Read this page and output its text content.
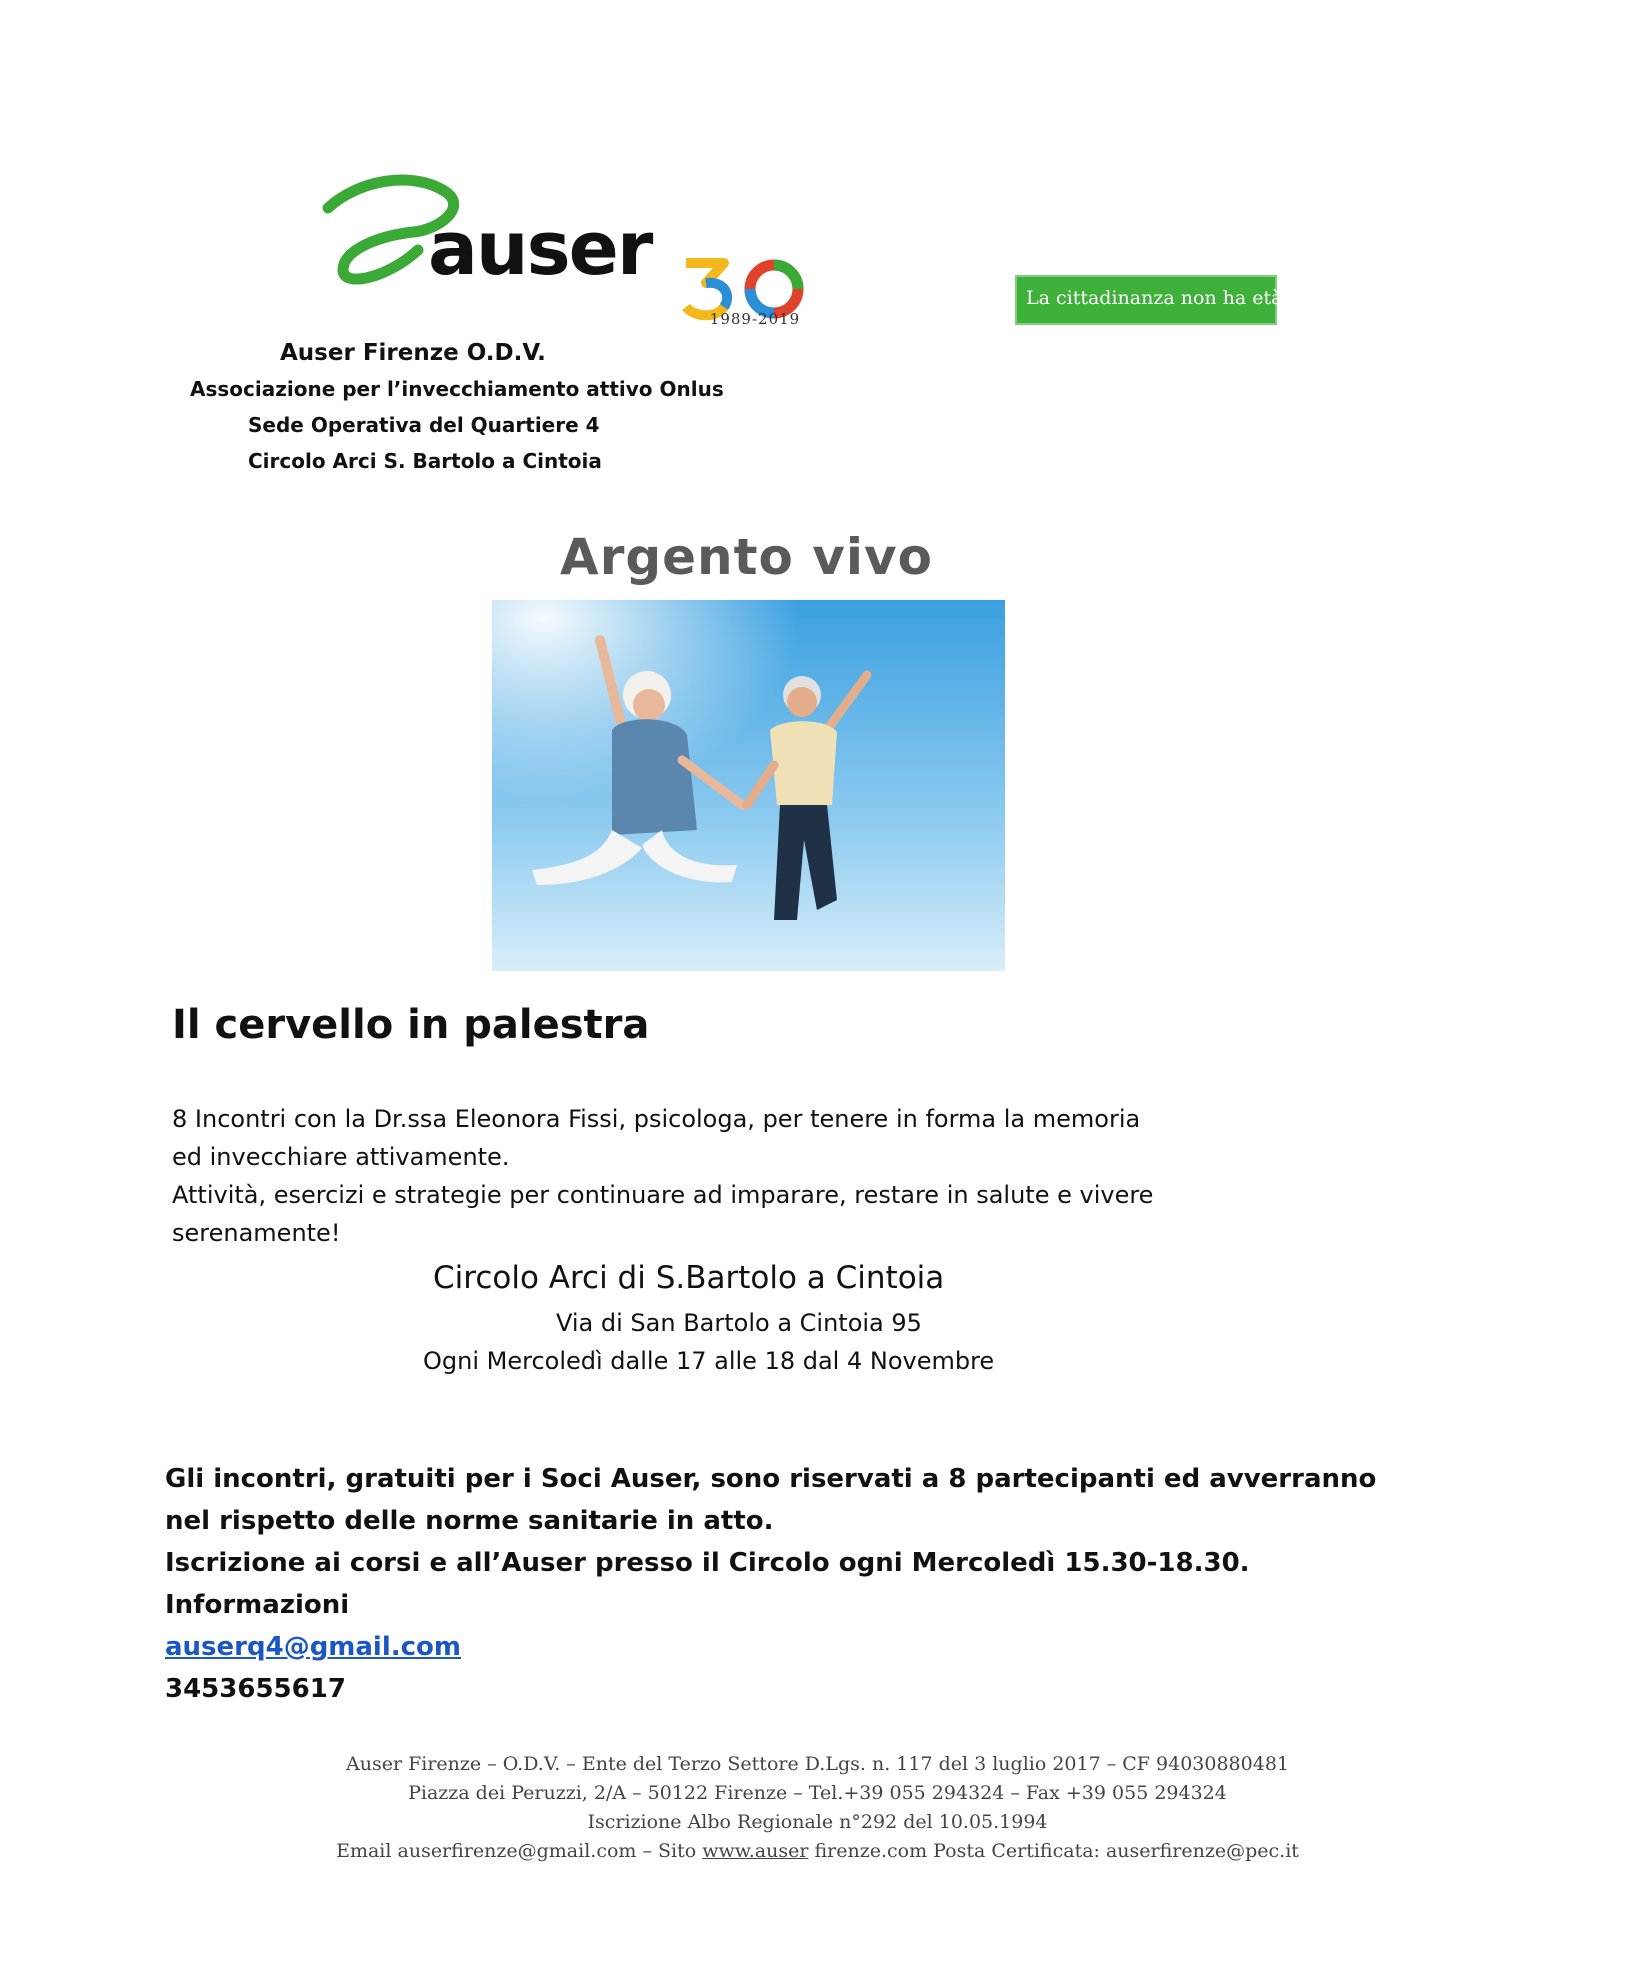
auser
1989-2019
La cittadinanza non ha età
Auser Firenze O.D.V.
Associazione per l’invecchiamento attivo Onlus
Sede Operativa del Quartiere 4
Circolo Arci S. Bartolo a Cintoia
Argento vivo
Il cervello in palestra
8 Incontri con la Dr.ssa Eleonora Fissi, psicologa, per tenere in forma la memoria
ed invecchiare attivamente.
Attività, esercizi e strategie per continuare ad imparare, restare in salute e vivere
serenamente!
Circolo Arci di S.Bartolo a Cintoia
Via di San Bartolo a Cintoia 95
Ogni Mercoledì dalle 17 alle 18 dal 4 Novembre
Gli incontri, gratuiti per i Soci Auser, sono riservati a 8 partecipanti ed avverranno
nel rispetto delle norme sanitarie in atto.
Iscrizione ai corsi e all’Auser presso il Circolo ogni Mercoledì 15.30-18.30.
Informazioni
auserq4@gmail.com
3453655617
Auser Firenze – O.D.V. – Ente del Terzo Settore D.Lgs. n. 117 del 3 luglio 2017 – CF 94030880481
Piazza dei Peruzzi, 2/A – 50122 Firenze – Tel.+39 055 294324 – Fax +39 055 294324
Iscrizione Albo Regionale n°292 del 10.05.1994
Email auserfirenze@gmail.com – Sito www.auser firenze.com Posta Certificata: auserfirenze@pec.it
